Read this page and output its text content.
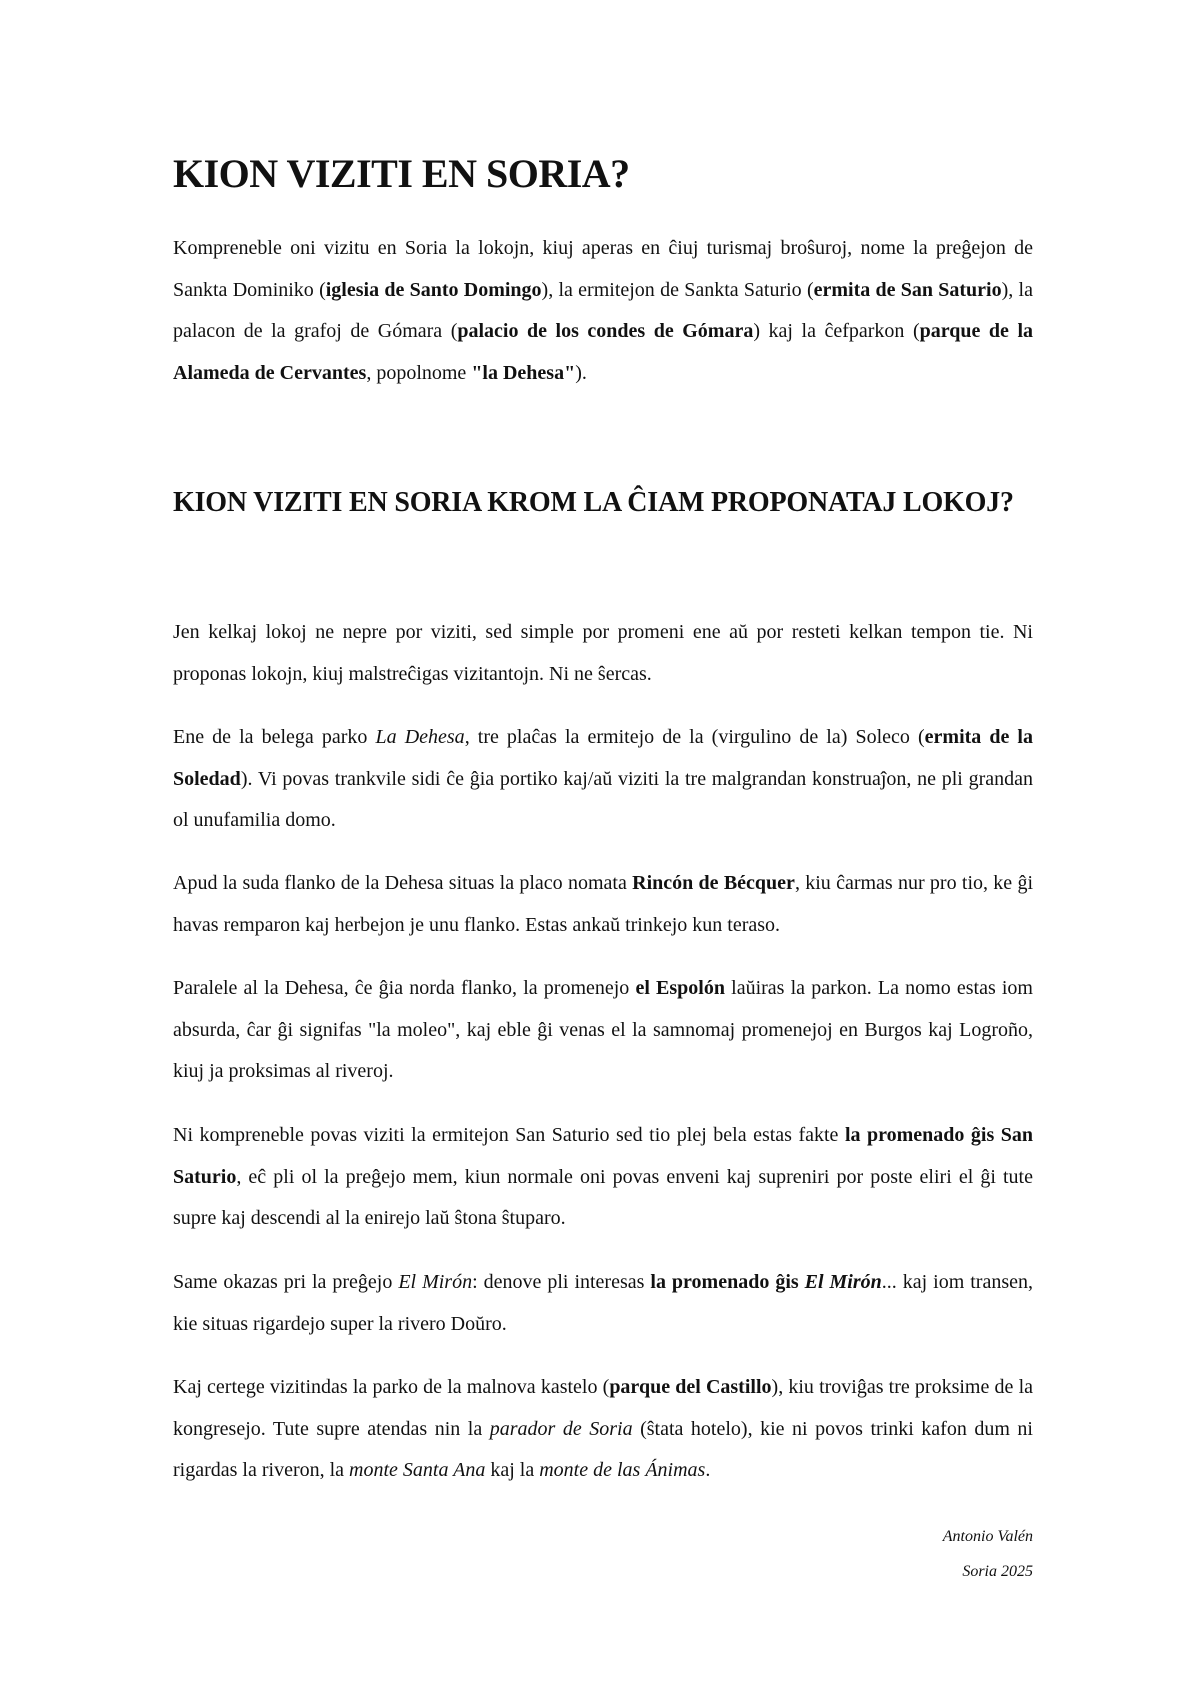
KION VIZITI EN SORIA?

Kompreneble oni vizitu en Soria la lokojn, kiuj aperas en ĉiuj turismaj broŝuroj, nome la preĝejon de Sankta Dominiko (iglesia de Santo Domingo), la ermitejon de Sankta Saturio (ermita de San Saturio), la palacon de la grafoj de Gómara (palacio de los condes de Gómara) kaj la ĉefparkon (parque de la Alameda de Cervantes, popolnome "la Dehesa").

KION VIZITI EN SORIA KROM LA ĈIAM PROPONATAJ LOKOJ?

Jen kelkaj lokoj ne nepre por viziti, sed simple por promeni ene aŭ por resteti kelkan tempon tie. Ni proponas lokojn, kiuj malstreĉigas vizitantojn. Ni ne ŝercas.

Ene de la belega parko La Dehesa, tre plaĉas la ermitejo de la (virgulino de la) Soleco (ermita de la Soledad). Vi povas trankvile sidi ĉe ĝia portiko kaj/aŭ viziti la tre malgrandan konstruaĵon, ne pli grandan ol unufamilia domo.

Apud la suda flanko de la Dehesa situas la placo nomata Rincón de Bécquer, kiu ĉarmas nur pro tio, ke ĝi havas remparon kaj herbejon je unu flanko. Estas ankaŭ trinkejo kun teraso.

Paralele al la Dehesa, ĉe ĝia norda flanko, la promenejo el Espolón laŭiras la parkon. La nomo estas iom absurda, ĉar ĝi signifas "la moleo", kaj eble ĝi venas el la samnomaj promenejoj en Burgos kaj Logroño, kiuj ja proksimas al riveroj.

Ni kompreneble povas viziti la ermitejon San Saturio sed tio plej bela estas fakte la promenado ĝis San Saturio, eĉ pli ol la preĝejo mem, kiun normale oni povas enveni kaj supreniri por poste eliri el ĝi tute supre kaj descendi al la enirejo laŭ ŝtona ŝtuparo.

Same okazas pri la preĝejo El Mirón: denove pli interesas la promenado ĝis El Mirón... kaj iom transen, kie situas rigardejo super la rivero Doŭro.

Kaj certege vizitindas la parko de la malnova kastelo (parque del Castillo), kiu troviĝas tre proksime de la kongresejo. Tute supre atendas nin la parador de Soria (ŝtata hotelo), kie ni povos trinki kafon dum ni rigardas la riveron, la monte Santa Ana kaj la monte de las Ánimas.

Antonio Valén
Soria 2025
